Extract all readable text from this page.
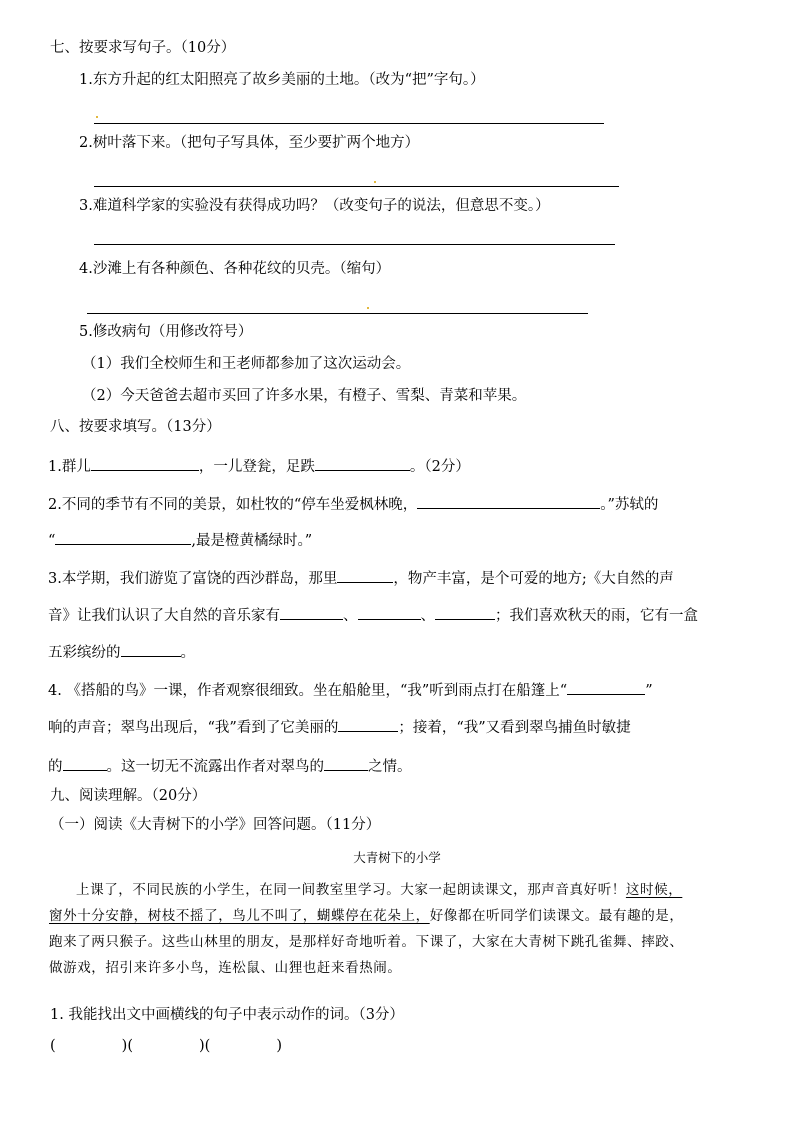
七、按要求写句子。（10分）
1.东方升起的红太阳照亮了故乡美丽的土地。（改为“把”字句。）
2.树叶落下来。（把句子写具体，至少要扩两个地方）
3.难道科学家的实验没有获得成功吗？（改变句子的说法，但意思不变。）
4.沙滩上有各种颜色、各种花纹的贝壳。（缩句）
5.修改病句（用修改符号）
（1）我们全校师生和王老师都参加了这次运动会。
（2）今天爸爸去超市买回了许多水果，有橙子、雪梨、青菜和苹果。
八、按要求填写。（13分）
1.群儿	，一儿登瓮，足跌	。（2分）
2.不同的季节有不同的美景，如杜牧的“停车坐爱枫林晚，	。”苏轼的
“	,最是橙黄橘绿时。”
3.本学期，我们游览了富饶的西沙群岛，那里	，物产丰富，是个可爱的地方;《大自然的声
音》让我们认识了大自然的音乐家有	、	、	；我们喜欢秋天的雨，它有一盒
五彩缤纷的	。
4. 《搭船的鸟》一课，作者观察很细致。坐在船舱里，“我”听到雨点打在船篷上“	”
响的声音；翠鸟出现后，“我”看到了它美丽的	；接着，“我”又看到翠鸟捕鱼时敏捷
的	。这一切无不流露出作者对翠鸟的	之情。
九、阅读理解。（20分）
（一）阅读《大青树下的小学》回答问题。（11分）
大青树下的小学
上课了，不同民族的小学生，在同一间教室里学习。大家一起朗读课文，那声音真好听！这时候，
窗外十分安静，树枝不摇了，鸟儿不叫了，蝴蝶停在花朵上，好像都在听同学们读课文。最有趣的是，
跑来了两只猴子。这些山林里的朋友，是那样好奇地听着。下课了，大家在大青树下跳孔雀舞、摔跤、
做游戏，招引来许多小鸟，连松鼠、山狸也赶来看热闹。
1. 我能找出文中画横线的句子中表示动作的词。（3分）
(	)(	)(	)
